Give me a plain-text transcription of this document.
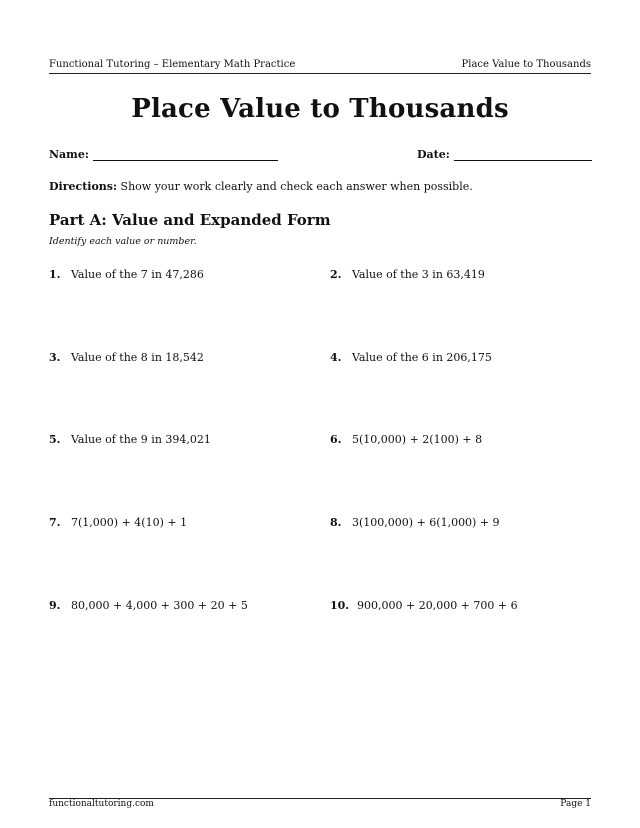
Functional Tutoring – Elementary Math Practice	Place Value to Thousands
Place Value to Thousands
Name:	Date:
Directions: Show your work clearly and check each answer when possible.
Part A: Value and Expanded Form
Identify each value or number.
1. Value of the 7 in 47,286	2. Value of the 3 in 63,419
3. Value of the 8 in 18,542	4. Value of the 6 in 206,175
5. Value of the 9 in 394,021	6. 5(10,000) + 2(100) + 8
7. 7(1,000) + 4(10) + 1	8. 3(100,000) + 6(1,000) + 9
9. 80,000 + 4,000 + 300 + 20 + 5	10. 900,000 + 20,000 + 700 + 6
functionaltutoring.com	Page 1
